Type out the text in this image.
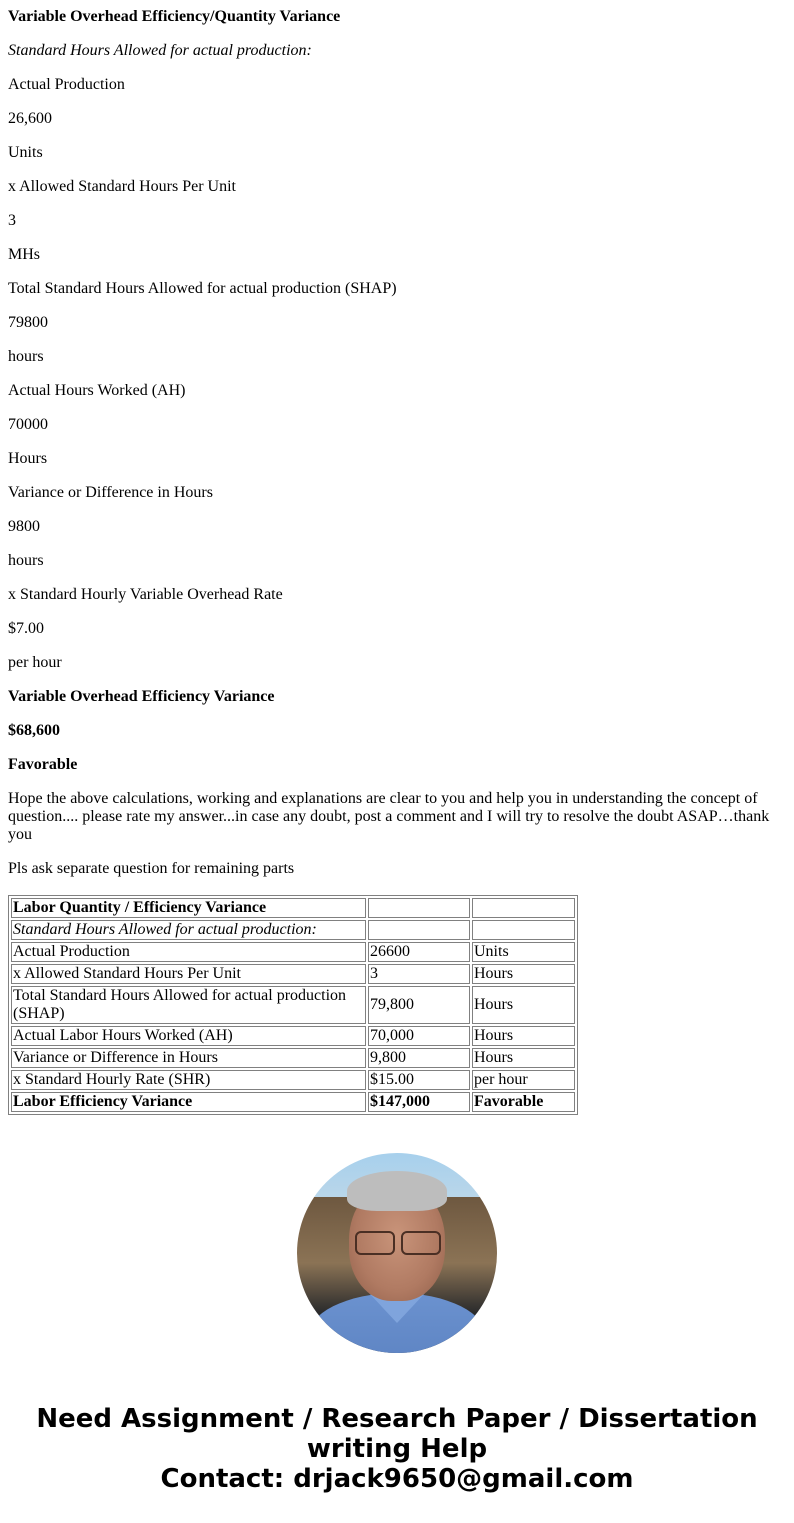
Variable Overhead Efficiency/Quantity Variance

Standard Hours Allowed for actual production:

Actual Production

26,600

Units

x Allowed Standard Hours Per Unit

3

MHs

Total Standard Hours Allowed for actual production (SHAP)

79800

hours

Actual Hours Worked (AH)

70000

Hours

Variance or Difference in Hours

9800

hours

x Standard Hourly Variable Overhead Rate

$7.00

per hour

Variable Overhead Efficiency Variance

$68,600

Favorable

Hope the above calculations, working and explanations are clear to you and help you in understanding the concept of question.... please rate my answer...in case any doubt, post a comment and I will try to resolve the doubt ASAP…thank you

Pls ask separate question for remaining parts

Labor Quantity / Efficiency Variance		
Standard Hours Allowed for actual production:		
Actual Production	26600	Units
x Allowed Standard Hours Per Unit	3	Hours
Total Standard Hours Allowed for actual production (SHAP)	79,800	Hours
Actual Labor Hours Worked (AH)	70,000	Hours
Variance or Difference in Hours	9,800	Hours
x Standard Hourly Rate (SHR)	$15.00	per hour
Labor Efficiency Variance	$147,000	Favorable
Need Assignment / Research Paper / Dissertation
writing Help
Contact: drjack9650@gmail.com
